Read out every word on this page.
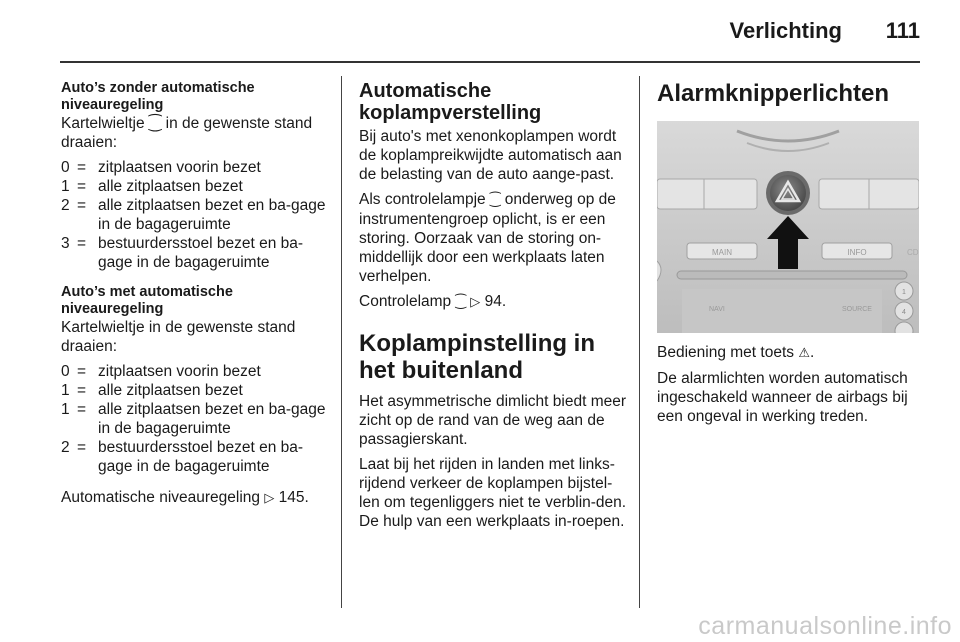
Verlichting 111
Auto’s zonder automatische niveauregeling

Kartelwieltje ⁐ in de gewenste stand draaien:

0 = zitplaatsen voorin bezet
1 = alle zitplaatsen bezet
2 = alle zitplaatsen bezet en ba-gage in de bagageruimte
3 = bestuurdersstoel bezet en ba-gage in de bagageruimte
Auto’s met automatische niveauregeling

Kartelwieltje in de gewenste stand draaien:

0 = zitplaatsen voorin bezet
1 = alle zitplaatsen bezet
1 = alle zitplaatsen bezet en ba-gage in de bagageruimte
2 = bestuurdersstoel bezet en ba-gage in de bagageruimte

Automatische niveauregeling ▷ 145.

Automatische koplampverstelling

Bij auto's met xenonkoplampen wordt de koplampreikwijdte automatisch aan de belasting van de auto aange-past.

Als controlelampje ⁐ onderweg op de instrumentengroep oplicht, is er een storing. Oorzaak van de storing on-middellijk door een werkplaats laten verhelpen.

Controlelamp ⁐ ▷ 94.

Koplampinstelling in het buitenland

Het asymmetrische dimlicht biedt meer zicht op de rand van de weg aan de passagierskant.

Laat bij het rijden in landen met links-rijdend verkeer de koplampen bijstel-len om tegenliggers niet te verblin-den. De hulp van een werkplaats in-roepen.

Alarmknipperlichten
MAIN	INFO	CD
NAVI	SOURCE
1
4

Bediening met toets ⚠.

De alarmlichten worden automatisch ingeschakeld wanneer de airbags bij een ongeval in werking treden.

carmanualsonline.info
